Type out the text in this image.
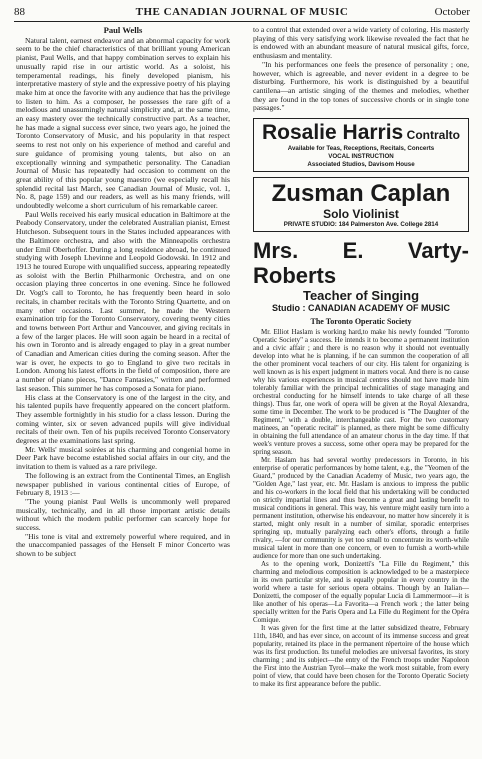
88	THE CANADIAN JOURNAL OF MUSIC	October
Paul Wells

Natural talent, earnest endeavor and an abnormal capacity for work seem to be the chief characteristics of that brilliant young American pianist, Paul Wells, and that happy combination serves to explain his unusually rapid rise in our artistic world. As a soloist, his temperamental readings, his finely developed pianism, his interpretative mastery of style and the expressive poetry of his playing make him at once the favorite with any audience that has the privilege to listen to him. As a composer, he possesses the rare gift of a melodious and unassumingly natural simplicity and, at the same time, an easy mastery over the technically constructive part. As a teacher, he has made a signal success ever since, two years ago, he joined the Toronto Conservatory of Music, and his popularity in that respect seems to rest not only on his experience of method and careful and sure guidance of promising young talents, but also on an exceptionally winning and sympathetic personality. The Canadian Journal of Music has repeatedly had occasion to comment on the great ability of this popular young maestro (we especially recall his splendid recital last March, see Canadian Journal of Music, vol. 1, No. 8, page 159) and our readers, as well as his many friends, will undoubtedly welcome a short curriculum of his remarkable career.

Paul Wells received his early musical education in Baltimore at the Peabody Conservatory, under the celebrated Australian pianist, Ernest Hutcheson. Subsequent tours in the States included appearances with the Baltimore orchestra, and also with the Minneapolis orchestra under Emil Oberhoffer. During a long residence abroad, he continued studying with Joseph Lhevinne and Leopold Godowski. In 1912 and 1913 he toured Europe with unqualified success, appearing repeatedly as soloist with the Berlin Philharmonic Orchestra, and on one occasion playing three concertos in one evening. Since he followed Dr. Vogt's call to Toronto, he has frequently been heard in solo recitals, in chamber recitals with the Toronto String Quartette, and on many other occasions. Last summer, he made the Western examination trip for the Toronto Conservatory, covering twenty cities and towns between Port Arthur and Vancouver, and giving recitals in a few of the larger places. He will soon again be heard in a recital of his own in Toronto and is already engaged to play in a great number of Canadian and American cities during the coming season. After the war is over, he expects to go to England to give two recitals in London. Among his latest efforts in the field of composition, there are a number of piano pieces, "Dance Fantasies," written and performed last season. This summer he has composed a Sonata for piano.

His class at the Conservatory is one of the largest in the city, and his talented pupils have frequently appeared on the concert platform. They assemble fortnightly in his studio for a class lesson. During the coming winter, six or seven advanced pupils will give individual recitals of their own. Ten of his pupils received Toronto Conservatory degrees at the examinations last spring.

Mr. Wells' musical soirées at his charming and congenial home in Deer Park have become established social affairs in our city, and the invitation to them is valued as a rare privilege.

The following is an extract from the Continental Times, an English newspaper published in various continental cities of Europe, of February 8, 1913 :—

"The young pianist Paul Wells is uncommonly well prepared musically, technically, and in all those important artistic details without which the modern public performer can scarcely hope for success.

"His tone is vital and extremely powerful where required, and in the unaccompanied passages of the Henselt F minor Concerto was shown to be subject

to a control that extended over a wide variety of coloring. His masterly playing of this very satisfying work likewise revealed the fact that he is endowed with an abundant measure of natural musical gifts, force, enthusiasm and mentality.

"In his performances one feels the presence of personality ; one, however, which is agreeable, and never evident in a degree to be disturbing. Furthermore, his work is distinguished by a beautiful cantilena—an artistic singing of the themes and melodies, whether they are found in the top tones of successive chords or in single tone passages."

Rosalie Harris Contralto
Available for Teas, Receptions, Recitals, Concerts
VOCAL INSTRUCTION
Associated Studios, Davisom House
Zusman Caplan
Solo Violinist
PRIVATE STUDIO: 184 Palmerston Ave. College 2814
Mrs. E. Varty-Roberts
Teacher of Singing
Studio : CANADIAN ACADEMY OF MUSIC
The Toronto Operatic Society

Mr. Elliot Haslam is working hard,to make his newly founded "Toronto Operatic Society" a success. He intends it to become a permanent institution and a civic affair ; and there is no reason why it should not eventually develop into what he is planning, if he can summon the cooperation of all the other prominent vocal teachers of our city. His talent for organizing is well known as is his expert judgment in matters vocal. And there is no cause why his various experiences in musical centres should not have made him tolerably familiar with the principal technicalities of stage managing and orchestral conducting for he himself intends to take charge of all these things). Thus far, one work of opera will be given at the Royal Alexandra, some time in December. The work to be produced is "The Daughter of the Regiment," with a double, interchangeable cast. For the two customary matinees, an "operatic recital" is planned, as there might be some difficulty in obtaining the full attendance of an amateur chorus in the day time. If that week's venture proves a success, some other opera may be prepared for the spring season.

Mr. Haslam has had several worthy predecessors in Toronto, in his enterprise of operatic performances by home talent, e.g., the "Yeomen of the Guard," produced by the Canadian Academy of Music, two years ago, the "Golden Age," last year, etc. Mr. Haslam is anxious to impress the public and his co-workers in the local field that his undertaking will be conducted on strictly impartial lines and thus become a great and lasting benefit to musical conditions in general. This way, his venture might easily turn into a permanent institution, otherwise his endeavour, no matter how sincerely it is started, might only result in a number of similar, sporadic enterprises springing up, mutually paralyzing each other's efforts, through a futile rivalry, —for our community is yet too small to concentrate its worth-while musical talent in more than one concern, or even to furnish a worth-while audience for more than one such undertaking.

As to the opening work, Donizetti's "La Fille du Regiment," this charming and melodious composition is acknowledged to be a masterpiece in its own particular style, and is equally popular in every country in the world where a taste for serious opera obtains. Though by an Italian—Donizetti, the composer of the equally popular Lucia di Lammermoor—it is like another of his operas—La Favorita—a French work ; the latter being specially written for the Paris Opera and La Fille du Regiment for the Opéra Comique.

It was given for the first time at the latter subsidized theatre, February 11th, 1840, and has ever since, on account of its immense success and great popularity, retained its place in the permanent répertoire of the house which was its first production. Its tuneful melodies are universal favorites, its story charming ; and its subject—the entry of the French troops under Napoleon the First into the Austrian Tyrol—make the work most suitable, from every point of view, that could have been chosen for the Toronto Operatic Society to make its first appearance before the public.
